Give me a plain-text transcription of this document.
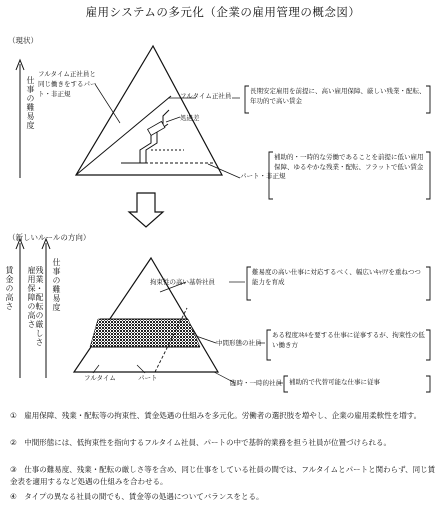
雇用システムの多元化（企業の雇用管理の概念図）
（現状）
仕事の難易度
フルタイム正社員と同じ働きをするパート・非正規	フルタイム正社員
処遇差
パート・非正規
長期安定雇用を前提に、高い雇用保障、厳しい残業・配転、年功的で高い賃金
補助的・一時的な労働であることを前提に低い雇用保障、ゆるやかな残業・配転、フラットで低い賃金
（新しいルールの方向）
賃金の高さ 雇用保障の高さ 残業・配転の厳しさ 仕事の難易度	拘束性の高い基幹社員
中間形態の社員
臨時・一時的社員
フルタイム	パート
難易度の高い仕事に対応するべく、幅広いｷｬﾘｱを重ねつつ能力を育成
ある程度ｽｷﾙを要する仕事に従事するが、拘束性の低い働き方
補助的で代替可能な仕事に従事
①　雇用保障、残業・配転等の拘束性、賃金処遇の仕組みを多元化。労働者の選択肢を増やし、企業の雇用柔軟性を増す。
②　中間形態には、低拘束性を指向するフルタイム社員、パートの中で基幹的業務を担う社員が位置づけられる。
③　仕事の難易度、残業・配転の厳しさ等を含め、同じ仕事をしている社員の間では、フルタイムとパートと関わらず、同じ賃金表を適用するなど処遇の仕組みを合わせる。
④　タイプの異なる社員の間でも、賃金等の処遇についてバランスをとる。
